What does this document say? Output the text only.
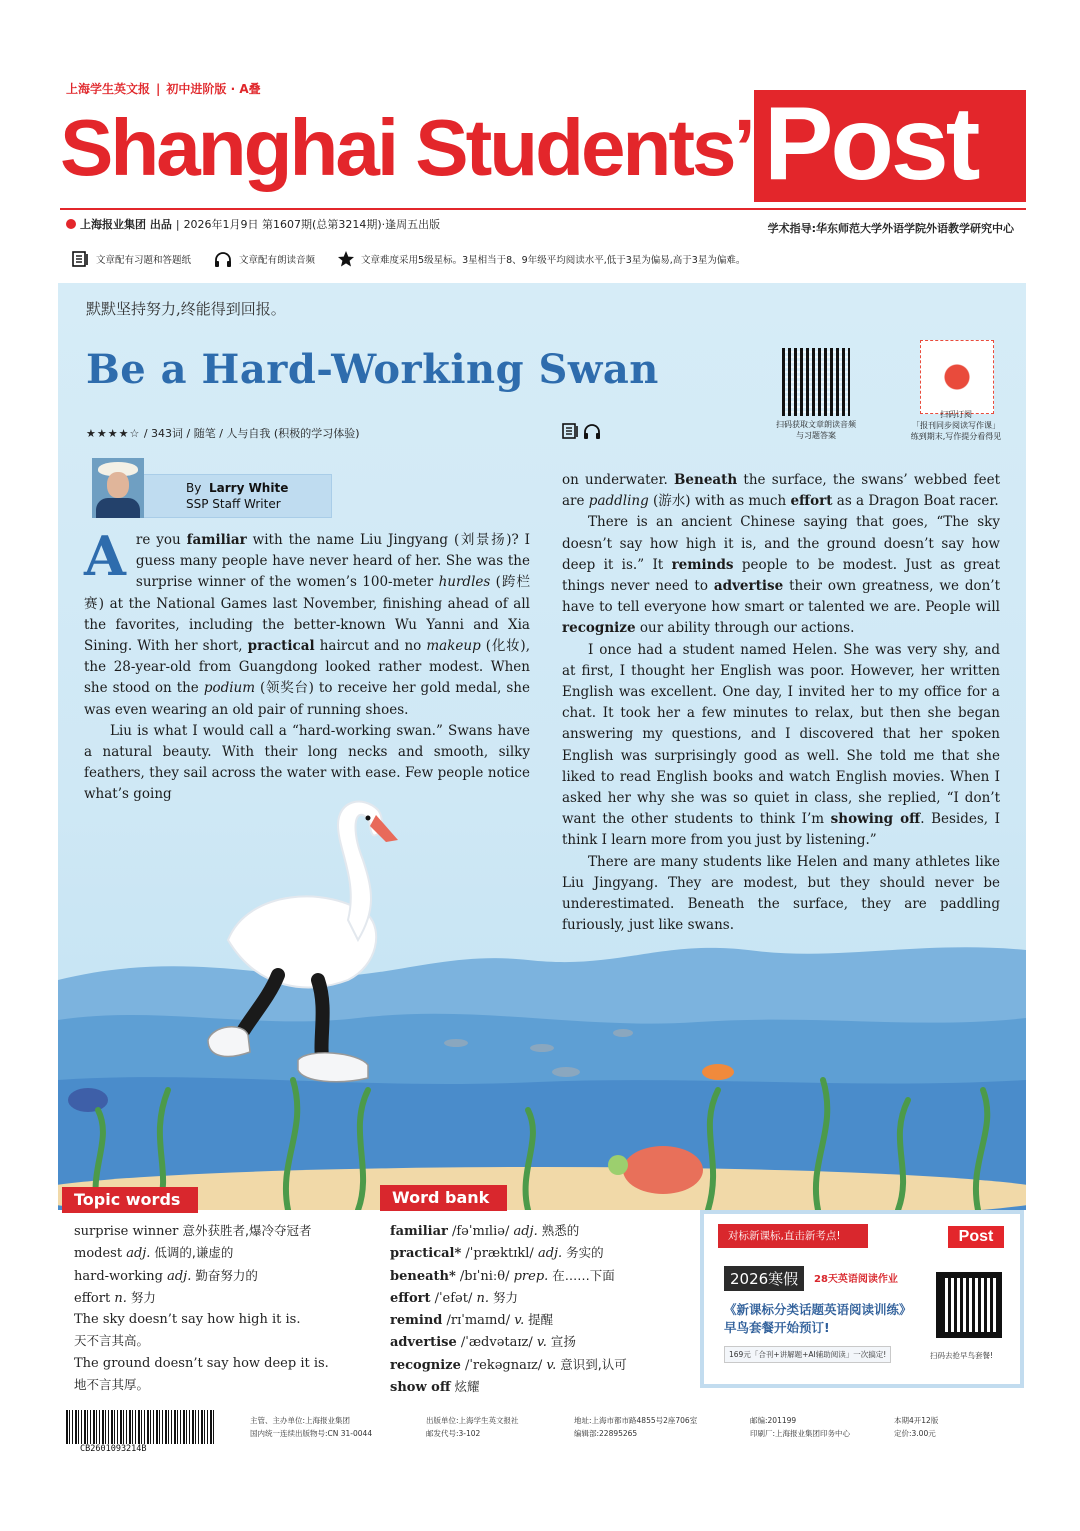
上海学生英文报 | 初中进阶版 · A叠
Shanghai Students’ Post
上海报业集团 出品 | 2026年1月9日 第1607期(总第3214期)·逢周五出版	学术指导:华东师范大学外语学院外语教学研究中心
文章配有习题和答题纸	文章配有朗读音频	文章难度采用5级星标。3星相当于8、9年级平均阅读水平,低于3星为偏易,高于3星为偏难。
默默坚持努力,终能得到回报。
Be a Hard-Working Swan
★★★★☆ / 343词 / 随笔 / 人与自我 (积极的学习体验)
扫码获取文章朗读音频
与习题答案
扫码订阅
「报刊同步阅读写作课」
练到期末,写作提分看得见
By Larry White
SSP Staff Writer

Are you familiar with the name Liu Jingyang (刘景扬)? I guess many people have never heard of her. She was the surprise winner of the women’s 100-meter hurdles (跨栏赛) at the National Games last November, finishing ahead of all the favorites, including the better-known Wu Yanni and Xia Sining. With her short, practical haircut and no makeup (化妆), the 28-year-old from Guangdong looked rather modest. When she stood on the podium (领奖台) to receive her gold medal, she was even wearing an old pair of running shoes.

Liu is what I would call a “hard-working swan.” Swans have a natural beauty. With their long necks and smooth, silky feathers, they sail across the water with ease. Few people notice what’s going

on underwater. Beneath the surface, the swans’ webbed feet are paddling (游水) with as much effort as a Dragon Boat racer.

There is an ancient Chinese saying that goes, “The sky doesn’t say how high it is, and the ground doesn’t say how deep it is.” It reminds people to be modest. Just as great things never need to advertise their own greatness, we don’t have to tell everyone how smart or talented we are. People will recognize our ability through our actions.

I once had a student named Helen. She was very shy, and at first, I thought her English was poor. However, her written English was excellent. One day, I invited her to my office for a chat. It took her a few minutes to relax, but then she began answering my questions, and I discovered that her spoken English was surprisingly good as well. She told me that she liked to read English books and watch English movies. When I asked her why she was so quiet in class, she replied, “I don’t want the other students to think I’m showing off. Besides, I think I learn more from you just by listening.”

There are many students like Helen and many athletes like Liu Jingyang. They are modest, but they should never be underestimated. Beneath the surface, they are paddling furiously, just like swans.

Topic words	Word bank
surprise winner 意外获胜者,爆冷夺冠者
modest adj. 低调的,谦虚的
hard-working adj. 勤奋努力的
effort n. 努力
The sky doesn’t say how high it is.
天不言其高。
The ground doesn’t say how deep it is.
地不言其厚。
familiar /fəˈmɪliə/ adj. 熟悉的
practical* /ˈpræktɪkl/ adj. 务实的
beneath* /bɪˈniːθ/ prep. 在……下面
effort /ˈefət/ n. 努力
remind /rɪˈmaɪnd/ v. 提醒
advertise /ˈædvətaɪz/ v. 宣扬
recognize /ˈrekəgnaɪz/ v. 意识到,认可
show off 炫耀
对标新课标,直击新考点!	Post
2026寒假	28天英语阅读作业
《新课标分类话题英语阅读训练》
早鸟套餐开始预订!
169元「合刊+讲解题+AI辅助阅读」一次搞定!	扫码去抢早鸟套餐!
CB2601093214B
主管、主办单位:上海报业集团
国内统一连续出版物号:CN 31-0044
出版单位:上海学生英文报社
邮发代号:3-102
地址:上海市都市路4855号2座706室
编辑部:22895265
邮编:201199
印刷厂:上海报业集团印务中心
本期4开12版
定价:3.00元
